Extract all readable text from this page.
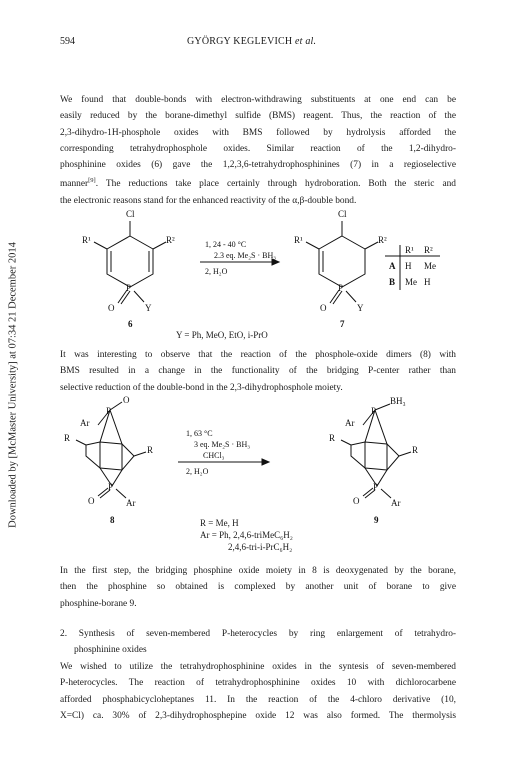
Downloaded by [McMaster University] at 07:34 21 December 2014
594	GYÖRGY KEGLEVICH et al.

We found that double-bonds with electron-withdrawing substituents at one end can be
easily reduced by the borane-dimethyl sulfide (BMS) reagent. Thus, the reaction of the
2,3-dihydro-1H-phosphole oxides with BMS followed by hydrolysis afforded the
corresponding tetrahydrophosphole oxides. Similar reaction of the 1,2-dihydro-
phosphinine oxides (6) gave the 1,2,3,6-tetrahydrophosphinines (7) in a regioselective
manner[9]. The reductions take place certainly through hydroboration. Both the steric and
the electronic reasons stand for the enhanced reactivity of the α,β-double bond.

Cl
R¹	R²
P
O	Y
6
1, 24 - 40 °C
2.3 eq. Me₂S · BH₃
2, H₂O
Cl
R¹	R²
P
O	Y
7
R¹ R²
A H Me
B Me H
Y = Ph, MeO, EtO, i-PrO

It was interesting to observe that the reaction of the phosphole-oxide dimers (8) with
BMS resulted in a change in the functionality of the bridging P-center rather than
selective reduction of the double-bond in the 2,3-dihydrophosphole moiety.

Ar
P
O
R
R
P
O	Ar
8
1, 63 °C
3 eq. Me₂S · BH₃
CHCl₃
2, H₂O
Ar
P
BH₃
R
R
P
O	Ar
9
R = Me, H
Ar = Ph, 2,4,6-triMeC₆H₂
2,4,6-tri-i-PrC₆H₂

In the first step, the bridging phosphine oxide moiety in 8 is deoxygenated by the borane,
then the phosphine so obtained is complexed by another unit of borane to give
phosphine-borane 9.

2. Synthesis of seven-membered P-heterocycles by ring enlargement of tetrahydro-
phosphinine oxides

We wished to utilize the tetrahydrophosphinine oxides in the syntesis of seven-membered
P-heterocycles. The reaction of tetrahydrophosphinine oxides 10 with dichlorocarbene
afforded phosphabicycloheptanes 11. In the reaction of the 4-chloro derivative (10,
X=Cl) ca. 30% of 2,3-dihydrophosphepine oxide 12 was also formed. The thermolysis
